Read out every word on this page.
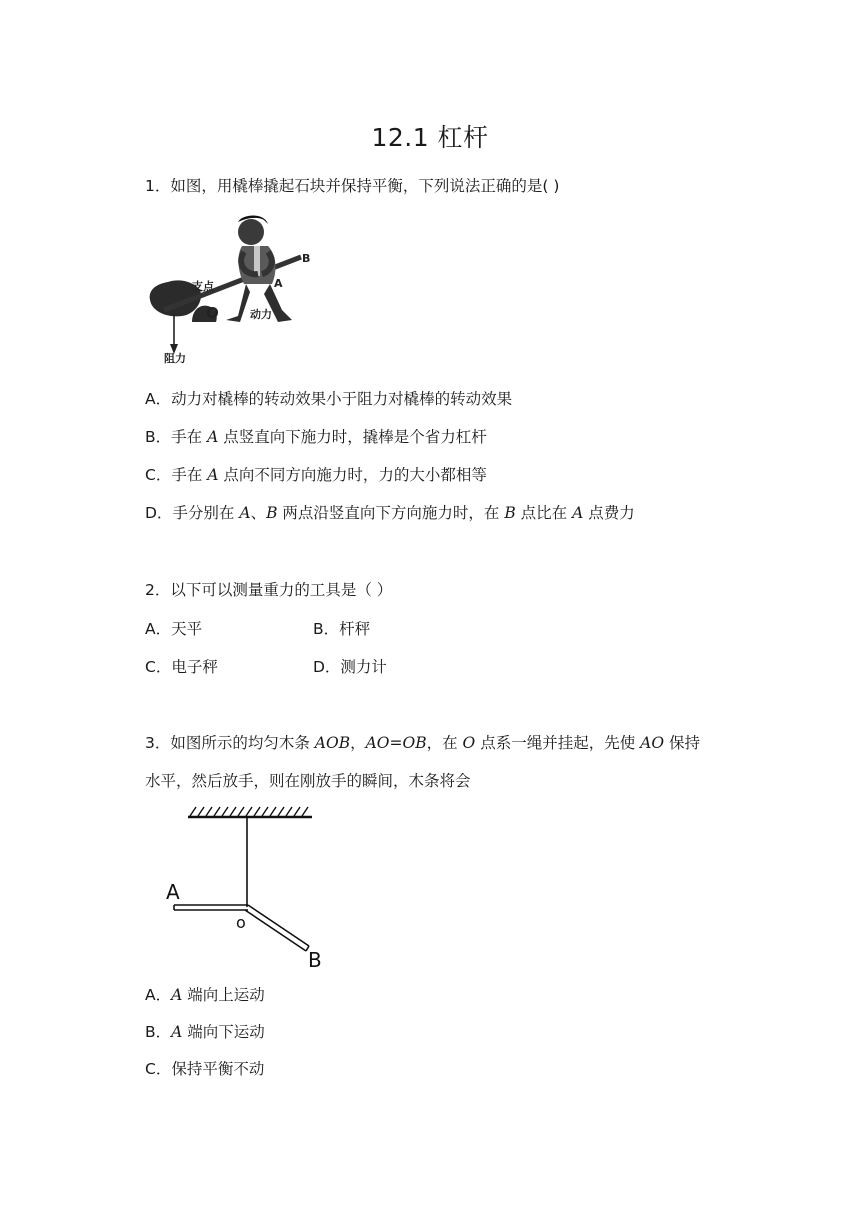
12.1 杠杆
1．如图，用橇棒撬起石块并保持平衡，下列说法正确的是( )
支点
O
A
B
动力
阻力
A．动力对橇棒的转动效果小于阻力对橇棒的转动效果
B．手在 A 点竖直向下施力时，撬棒是个省力杠杆
C．手在 A 点向不同方向施力时，力的大小都相等
D．手分别在 A、B 两点沿竖直向下方向施力时，在 B 点比在 A 点费力
2．以下可以测量重力的工具是（ ）
A．天平	B．杆秤
C．电子秤	D．测力计
3．如图所示的均匀木条 AOB，AO=OB，在 O 点系一绳并挂起，先使 AO 保持
水平，然后放手，则在刚放手的瞬间，木条将会
A
o
B
A．A 端向上运动
B．A 端向下运动
C．保持平衡不动
